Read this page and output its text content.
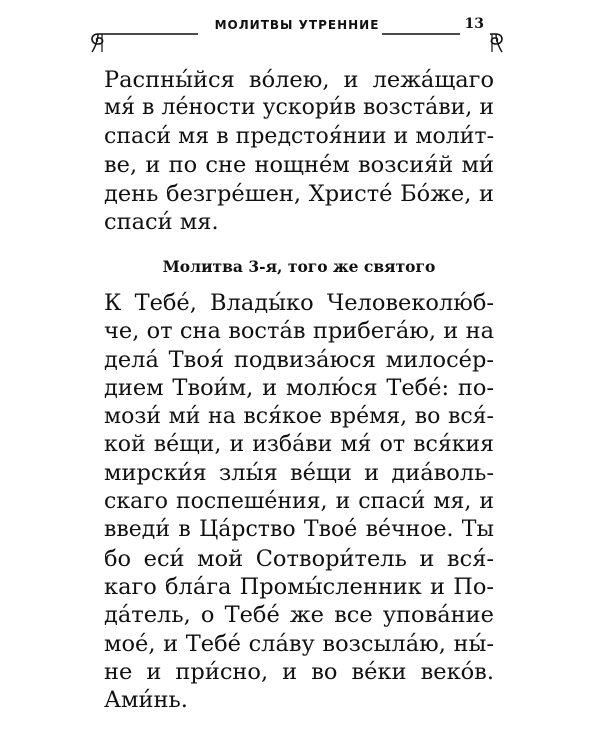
МОЛИТВЫ УТРЕННИЕ	13
Распны́йся во́лею, и лежа́щаго
мя́ в ле́ности ускори́в возста́ви, и
спаси́ мя в предстоя́нии и моли́т-
ве, и по сне нощне́м возсия́й ми́
день безгре́шен, Христе́ Бо́же, и
спаси́ мя.
Молитва 3-я, того же святого
К Тебе́, Влады́ко Человеколю́б-
че, от сна воста́в прибега́ю, и на
дела́ Твоя́ подвиза́юся милосе́р-
дием Твои́м, и молю́ся Тебе́: по-
мози́ ми́ на вся́кое вре́мя, во вся́-
кой ве́щи, и изба́ви мя́ от вся́кия
мирски́я злы́я ве́щи и диа́воль-
скаго поспеше́ния, и спаси́ мя, и
введи́ в Ца́рство Твое́ ве́чное. Ты
бо еси́ мой Сотвори́тель и вся́-
каго бла́га Промы́сленник и По-
да́тель, о Тебе́ же все упова́ние
мое́, и Тебе́ сла́ву возсыла́ю, ны́-
не и при́сно, и во ве́ки веко́в.
Ами́нь.
